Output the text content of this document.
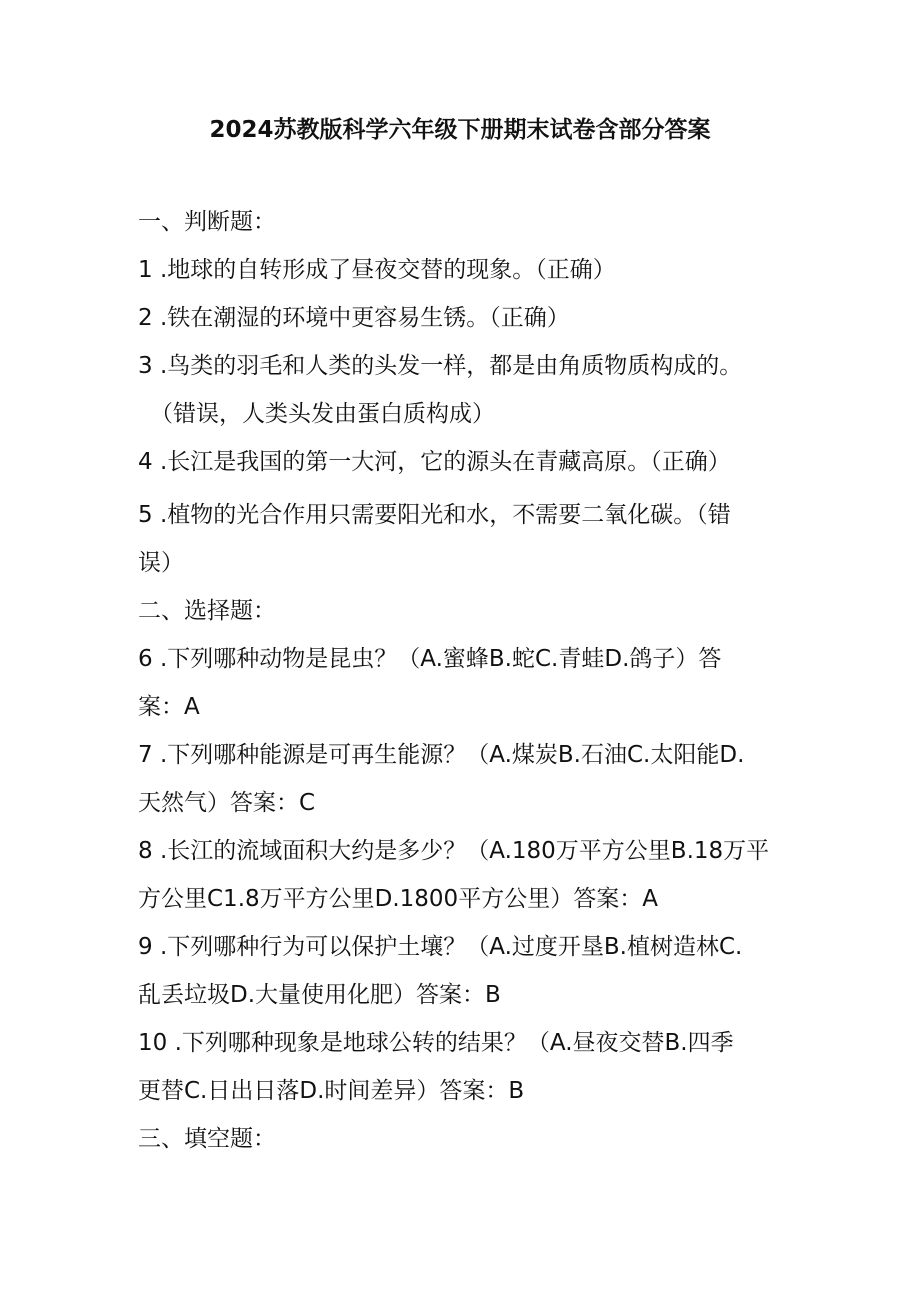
2024苏教版科学六年级下册期末试卷含部分答案
一、判断题：
1 .地球的自转形成了昼夜交替的现象。（正确）
2 .铁在潮湿的环境中更容易生锈。（正确）
3 .鸟类的羽毛和人类的头发一样，都是由角质物质构成的。
（错误，人类头发由蛋白质构成）
4 .长江是我国的第一大河，它的源头在青藏高原。（正确）
5 .植物的光合作用只需要阳光和水，不需要二氧化碳。（错
误）
二、选择题：
6 .下列哪种动物是昆虫？（A.蜜蜂B.蛇C.青蛙D.鸽子）答
案：A
7 .下列哪种能源是可再生能源？（A.煤炭B.石油C.太阳能D.
天然气）答案：C
8 .长江的流域面积大约是多少？（A.180万平方公里B.18万平
方公里C1.8万平方公里D.1800平方公里）答案：A
9 .下列哪种行为可以保护土壤？（A.过度开垦B.植树造林C.
乱丢垃圾D.大量使用化肥）答案：B
10 .下列哪种现象是地球公转的结果？（A.昼夜交替B.四季
更替C.日出日落D.时间差异）答案：B
三、填空题：
